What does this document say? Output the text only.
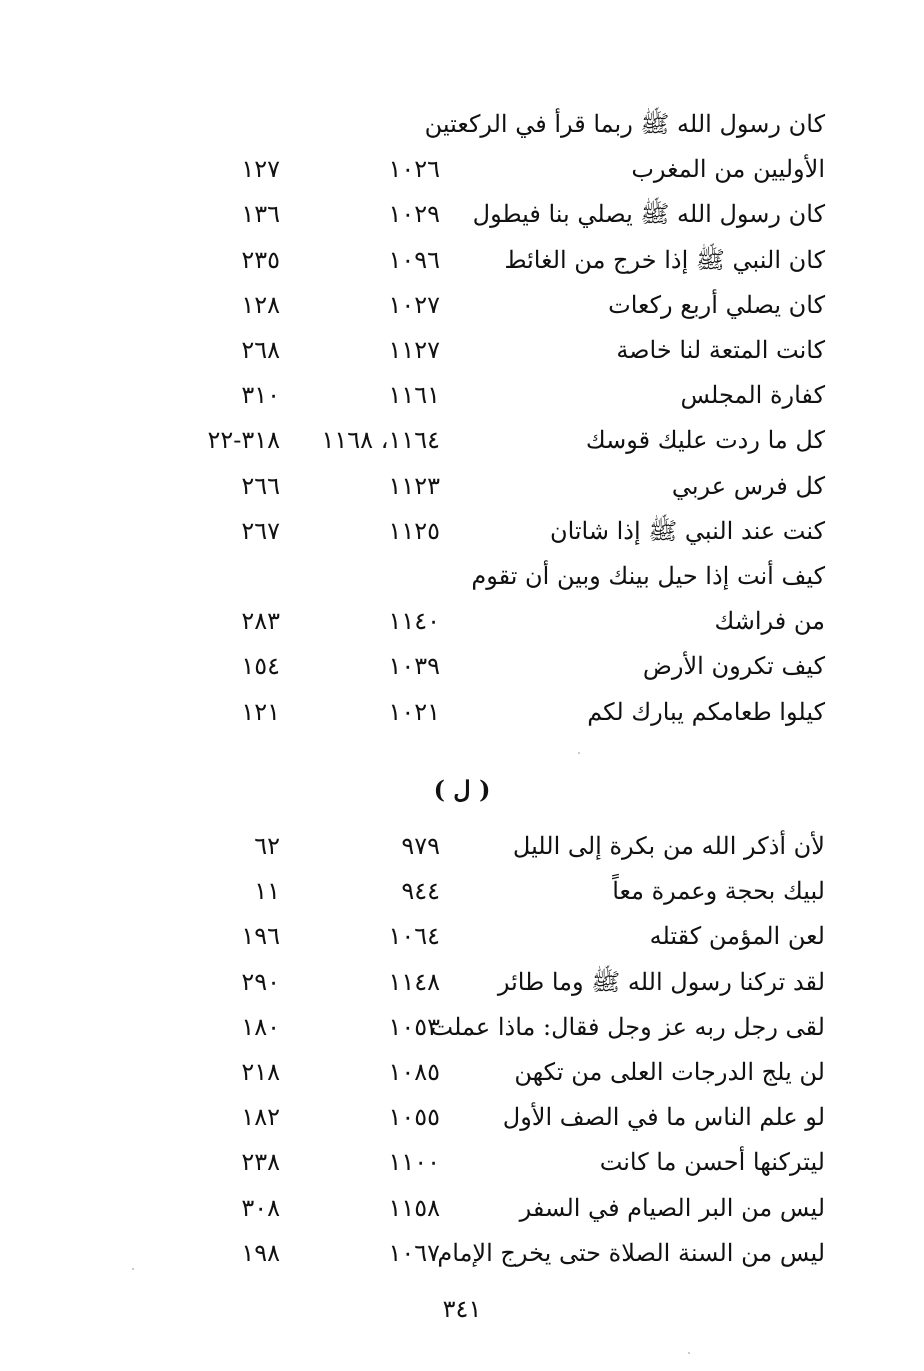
كان رسول الله ﷺ ربما قرأ في الركعتين
الأوليين من المغرب
١٠٢٦
١٢٧
كان رسول الله ﷺ يصلي بنا فيطول
١٠٢٩
١٣٦
كان النبي ﷺ إذا خرج من الغائط
١٠٩٦
٢٣٥
كان يصلي أربع ركعات
١٠٢٧
١٢٨
كانت المتعة لنا خاصة
١١٢٧
٢٦٨
كفارة المجلس
١١٦١
٣١٠
كل ما ردت عليك قوسك
١١٦٤، ١١٦٨
٣١٨-٢٢
كل فرس عربي
١١٢٣
٢٦٦
كنت عند النبي ﷺ إذا شاتان
١١٢٥
٢٦٧
كيف أنت إذا حيل بينك وبين أن تقوم
من فراشك
١١٤٠
٢٨٣
كيف تكرون الأرض
١٠٣٩
١٥٤
كيلوا طعامكم يبارك لكم
١٠٢١
١٢١
( ل )
لأن أذكر الله من بكرة إلى الليل
٩٧٩
٦٢
لبيك بحجة وعمرة معاً
٩٤٤
١١
لعن المؤمن كقتله
١٠٦٤
١٩٦
لقد تركنا رسول الله ﷺ وما طائر
١١٤٨
٢٩٠
لقى رجل ربه عز وجل فقال: ماذا عملت
١٠٥٣
١٨٠
لن يلج الدرجات العلى من تكهن
١٠٨٥
٢١٨
لو علم الناس ما في الصف الأول
١٠٥٥
١٨٢
ليتركنها أحسن ما كانت
١١٠٠
٢٣٨
ليس من البر الصيام في السفر
١١٥٨
٣٠٨
ليس من السنة الصلاة حتى يخرج الإمام
١٠٦٧
١٩٨
٣٤١
